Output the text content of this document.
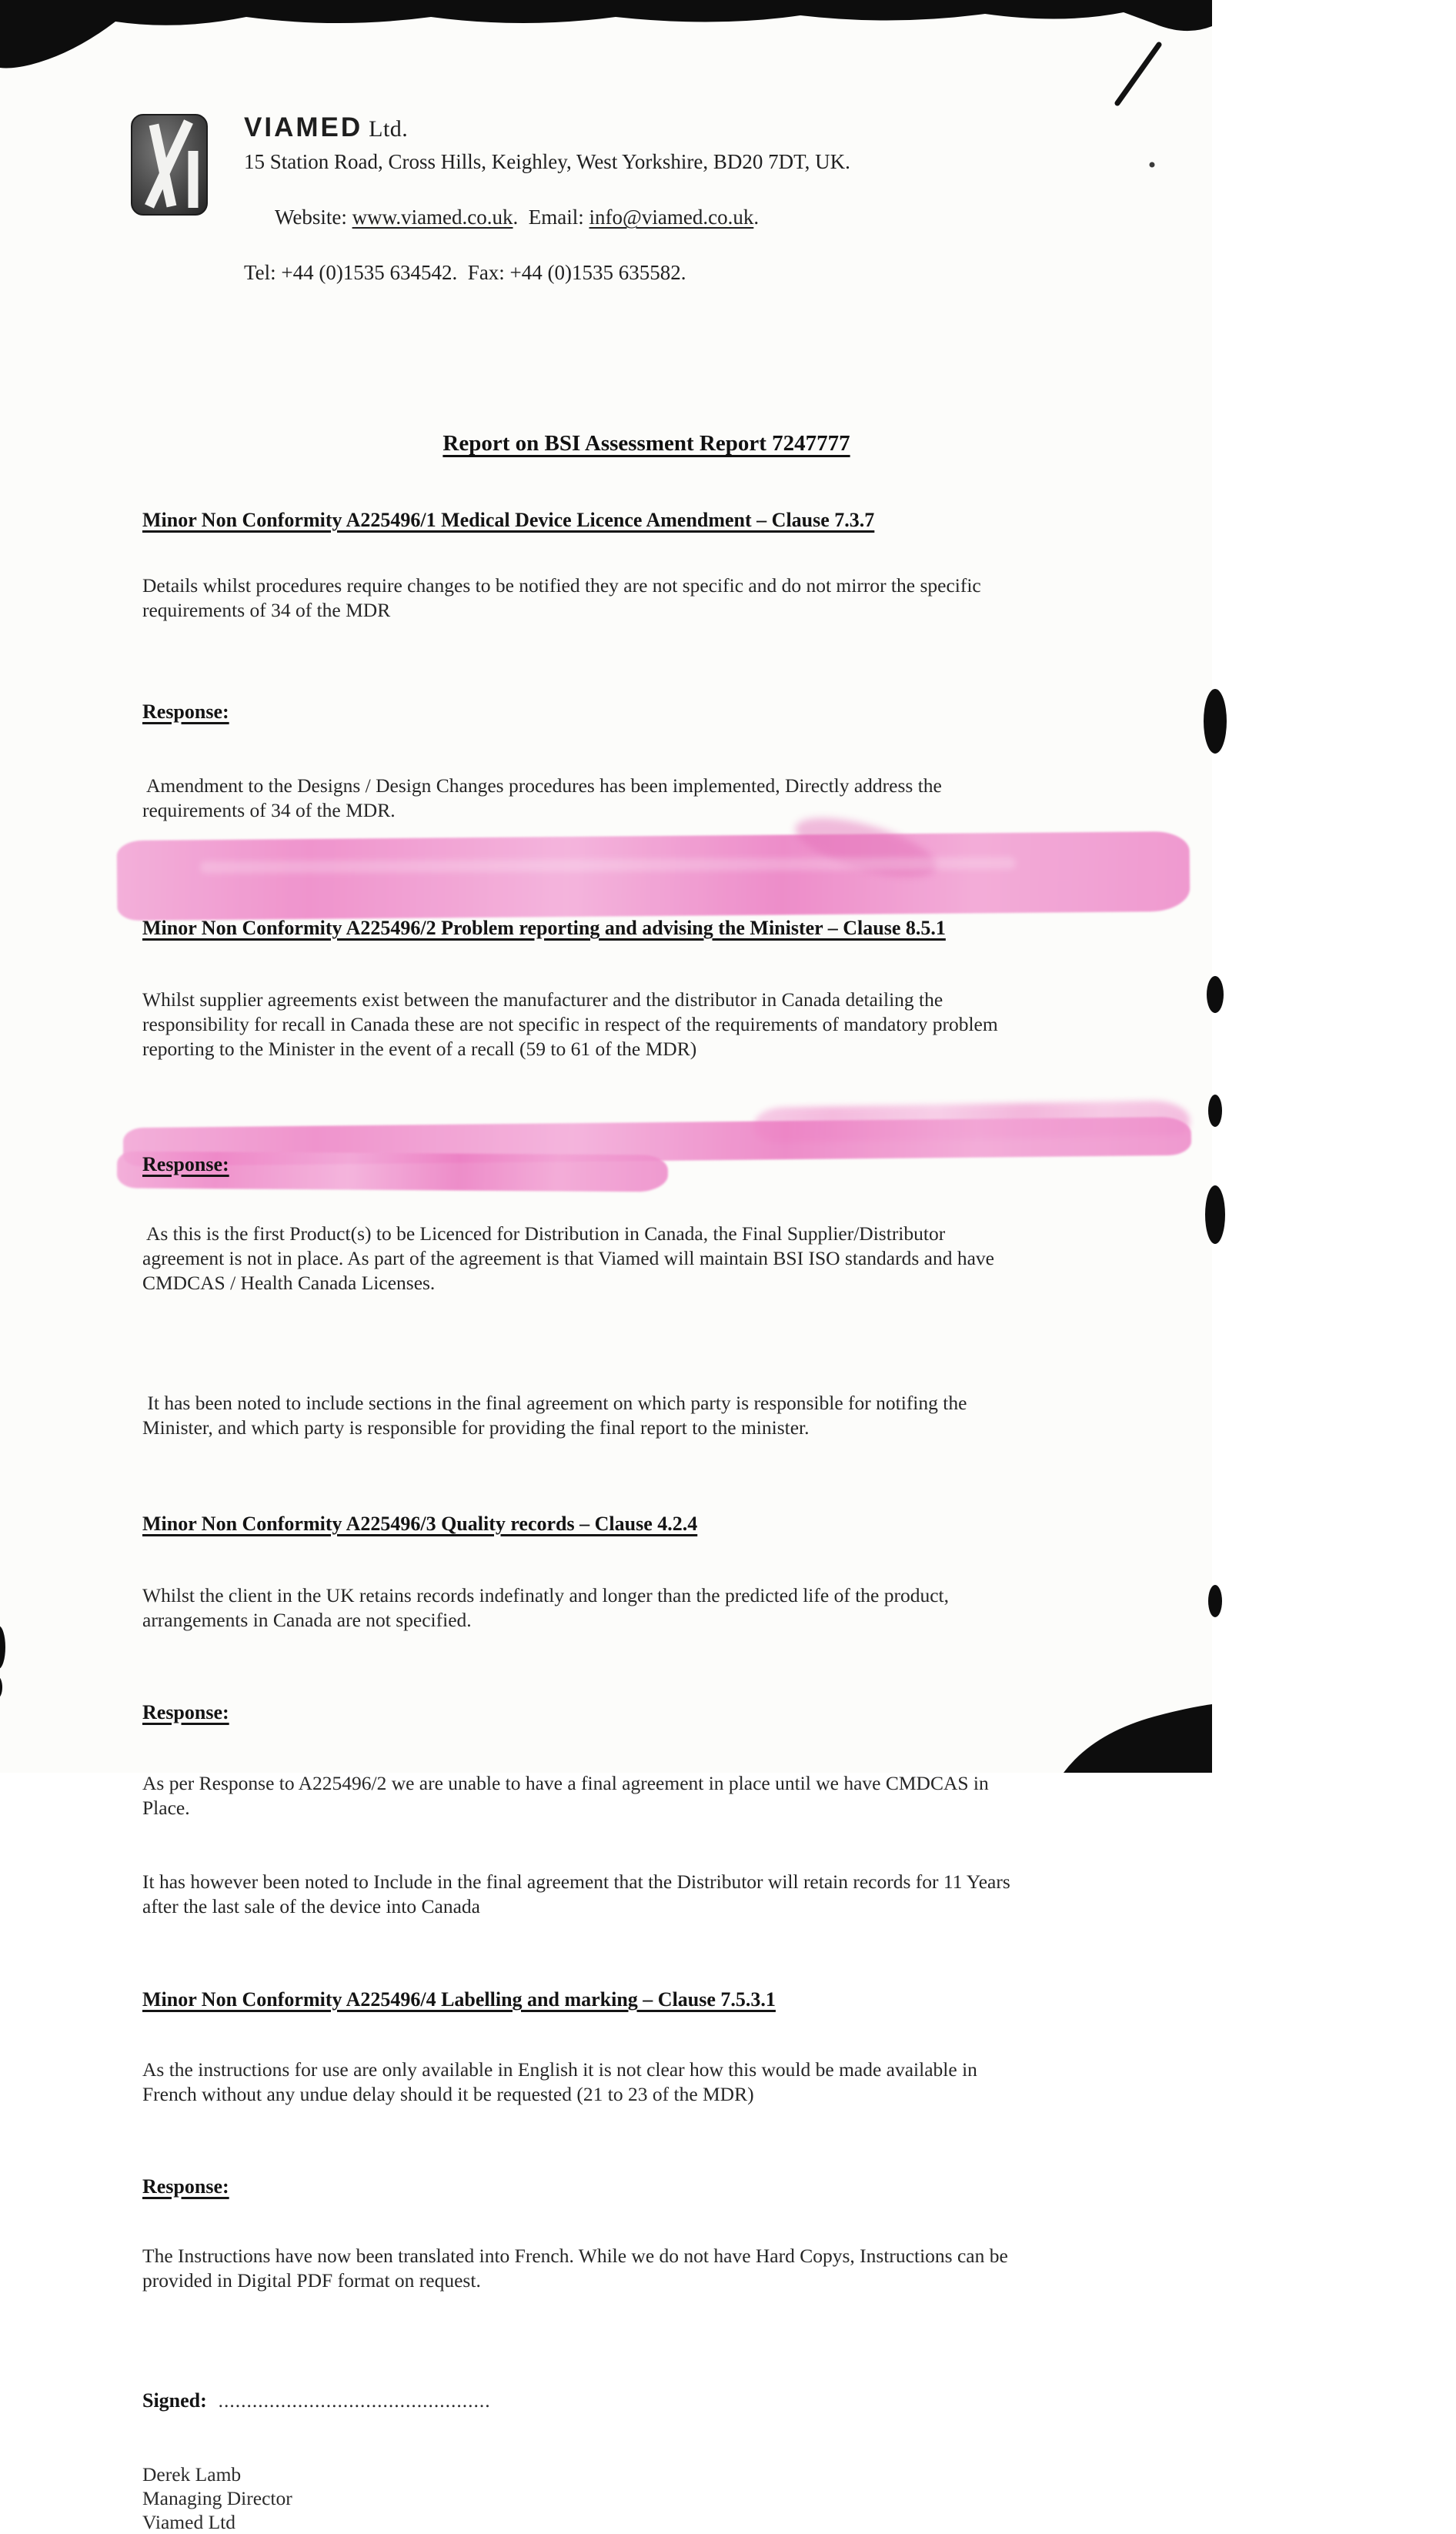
VIAMED Ltd.
15 Station Road, Cross Hills, Keighley, West Yorkshire, BD20 7DT, UK.

Website: www.viamed.co.uk.  Email: info@viamed.co.uk.

Tel: +44 (0)1535 634542.  Fax: +44 (0)1535 635582.
Report on BSI Assessment Report 7247777
Minor Non Conformity A225496/1 Medical Device Licence Amendment – Clause 7.3.7
Details whilst procedures require changes to be notified they are not specific and do not mirror the specific
requirements of 34 of the MDR
Response:
Amendment to the Designs / Design Changes procedures has been implemented, Directly address the
requirements of 34 of the MDR.
Minor Non Conformity A225496/2 Problem reporting and advising the Minister – Clause 8.5.1
Whilst supplier agreements exist between the manufacturer and the distributor in Canada detailing the
responsibility for recall in Canada these are not specific in respect of the requirements of mandatory problem
reporting to the Minister in the event of a recall (59 to 61 of the MDR)
Response:
As this is the first Product(s) to be Licenced for Distribution in Canada, the Final Supplier/Distributor
agreement is not in place. As part of the agreement is that Viamed will maintain BSI ISO standards and have
CMDCAS / Health Canada Licenses.
It has been noted to include sections in the final agreement on which party is responsible for notifing the
Minister, and which party is responsible for providing the final report to the minister.
Minor Non Conformity A225496/3 Quality records – Clause 4.2.4
Whilst the client in the UK retains records indefinatly and longer than the predicted life of the product,
arrangements in Canada are not specified.
Response:
As per Response to A225496/2 we are unable to have a final agreement in place until we have CMDCAS in
Place.
It has however been noted to Include in the final agreement that the Distributor will retain records for 11 Years
after the last sale of the device into Canada
Minor Non Conformity A225496/4 Labelling and marking – Clause 7.5.3.1
As the instructions for use are only available in English it is not clear how this would be made available in
French without any undue delay should it be requested (21 to 23 of the MDR)
Response:
The Instructions have now been translated into French. While we do not have Hard Copys, Instructions can be
provided in Digital PDF format on request.
Signed:  ................................................
Derek Lamb
Managing Director
Viamed Ltd
